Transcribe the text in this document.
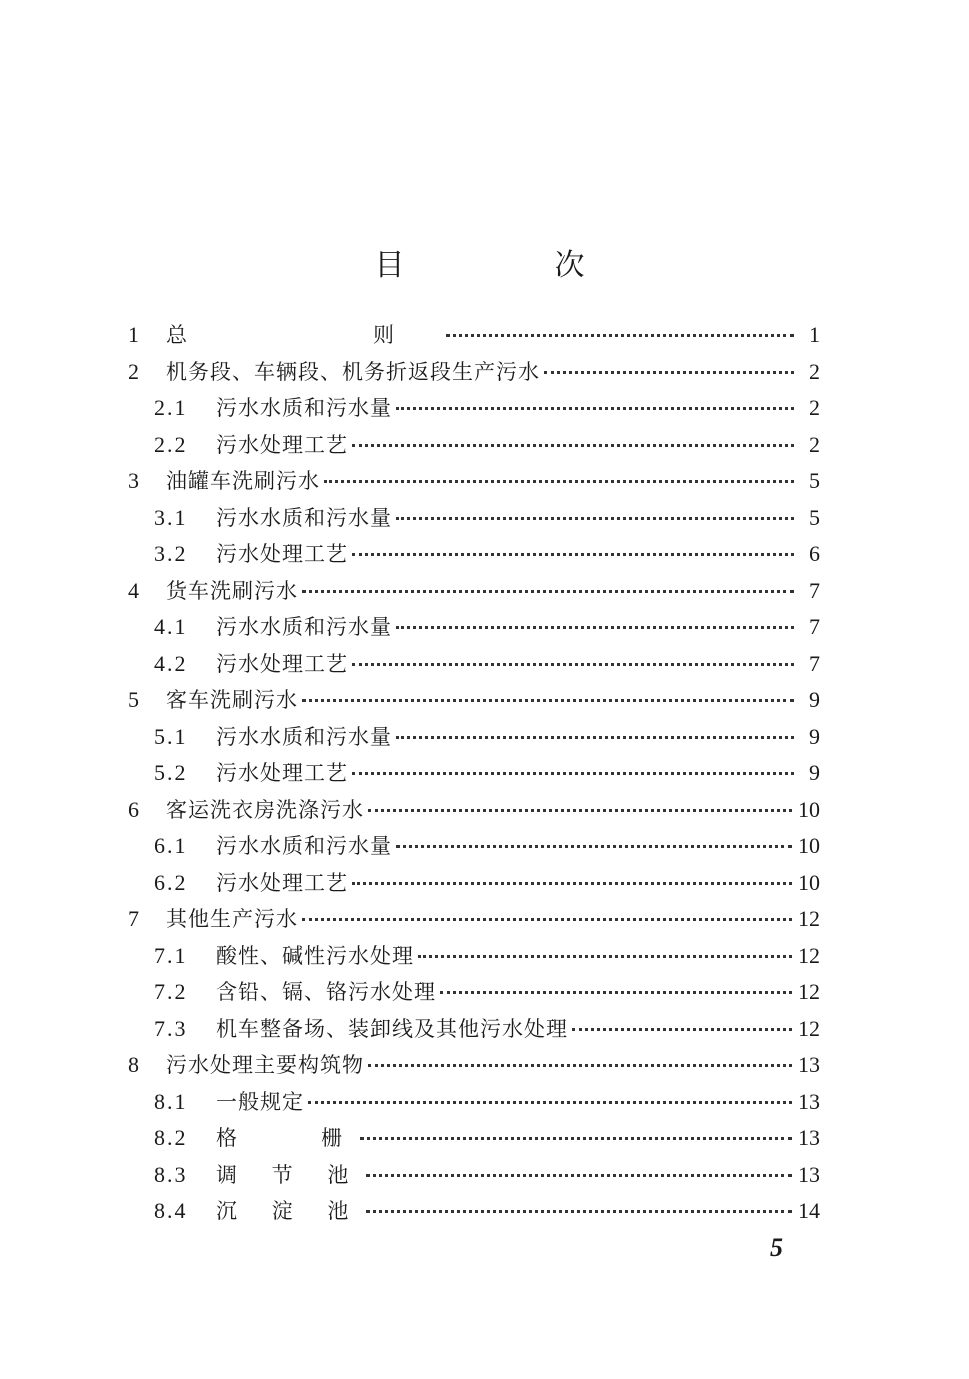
目　次
1	总　　则	1
2	机务段、车辆段、机务折返段生产污水	2
2.1	污水水质和污水量	2
2.2	污水处理工艺	2
3	油罐车洗刷污水	5
3.1	污水水质和污水量	5
3.2	污水处理工艺	6
4	货车洗刷污水	7
4.1	污水水质和污水量	7
4.2	污水处理工艺	7
5	客车洗刷污水	9
5.1	污水水质和污水量	9
5.2	污水处理工艺	9
6	客运洗衣房洗涤污水	10
6.1	污水水质和污水量	10
6.2	污水处理工艺	10
7	其他生产污水	12
7.1	酸性、碱性污水处理	12
7.2	含铅、镉、铬污水处理	12
7.3	机车整备场、装卸线及其他污水处理	12
8	污水处理主要构筑物	13
8.1	一般规定	13
8.2	格　　栅	13
8.3	调 节 池	13
8.4	沉 淀 池	14
5
